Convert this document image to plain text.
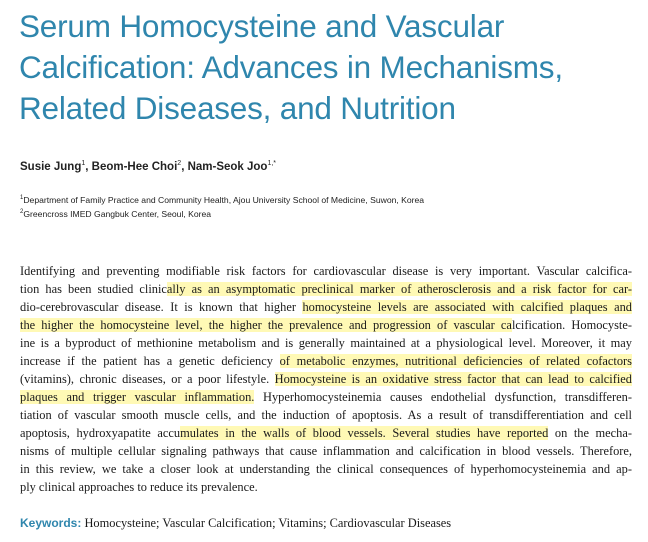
Serum Homocysteine and Vascular
Calcification: Advances in Mechanisms,
Related Diseases, and Nutrition
Susie Jung$^1$, Beom-Hee Choi$^2$, Nam-Seok Joo$^{1,*}$
$^1$Department of Family Practice and Community Health, Ajou University School of Medicine, Suwon, Korea
$^2$Greencross IMED Gangbuk Center, Seoul, Korea
Identifying and preventing modifiable risk factors for cardiovascular disease is very important. Vascular calcifica-
tion has been studied clinically as an asymptomatic preclinical marker of atherosclerosis and a risk factor for car-
dio-cerebrovascular disease. It is known that higher homocysteine levels are associated with calcified plaques and
the higher the homocysteine level, the higher the prevalence and progression of vascular calcification. Homocyste-
ine is a byproduct of methionine metabolism and is generally maintained at a physiological level. Moreover, it may
increase if the patient has a genetic deficiency of metabolic enzymes, nutritional deficiencies of related cofactors
(vitamins), chronic diseases, or a poor lifestyle. Homocysteine is an oxidative stress factor that can lead to calcified
plaques and trigger vascular inflammation. Hyperhomocysteinemia causes endothelial dysfunction, transdifferen-
tiation of vascular smooth muscle cells, and the induction of apoptosis. As a result of transdifferentiation and cell
apoptosis, hydroxyapatite accumulates in the walls of blood vessels. Several studies have reported on the mecha-
nisms of multiple cellular signaling pathways that cause inflammation and calcification in blood vessels. Therefore,
in this review, we take a closer look at understanding the clinical consequences of hyperhomocysteinemia and ap-
ply clinical approaches to reduce its prevalence.
Keywords: Homocysteine; Vascular Calcification; Vitamins; Cardiovascular Diseases
